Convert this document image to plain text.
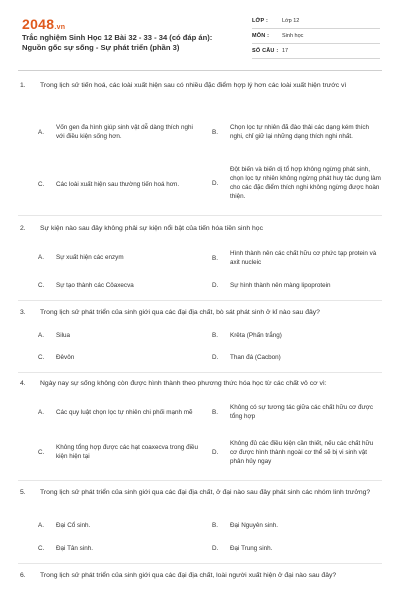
2048.vn
Trắc nghiệm Sinh Học 12 Bài 32 - 33 - 34 (có đáp án): Nguồn gốc sự sống - Sự phát triển (phần 3)
LỚP :	Lớp 12
MÔN :	Sinh học
SỐ CÂU : 17
1.	Trong lịch sử tiến hoá, các loài xuất hiện sau có nhiều đặc điểm hợp lý hơn các loài xuất hiện trước vì
A.
Vốn gen đa hình giúp sinh vật dễ dàng thích nghi với điều kiện sống hơn.
B.
Chọn lọc tự nhiên đã đào thải các dạng kém thích nghi, chỉ giữ lại những dạng thích nghi nhất.
C.	Các loài xuất hiện sau thường tiến hoá hơn.	D.
Đột biến và biến dị tổ hợp không ngừng phát sinh, chọn lọc tự nhiên không ngừng phát huy tác dụng làm cho các đặc điểm thích nghi không ngừng được hoàn thiện.
2.	Sự kiện nào sau đây không phải sự kiện nổi bật của tiến hóa tiền sinh học
A.	Sự xuất hiện các enzym	B.
Hình thành nên các chất hữu cơ phức tạp protein và axit nucleic
C.	Sự tạo thành các Côaxecva	D.	Sự hình thành nên màng lipoprotein
3.	Trong lịch sử phát triển của sinh giới qua các đại địa chất, bò sát phát sinh ở kỉ nào sau đây?
A.	Silua	B.	Krêta (Phấn trắng)
C.	Đêvôn	D.	Than đá (Cacbon)
4.	Ngày nay sự sống không còn được hình thành theo phương thức hóa học từ các chất vô cơ vì:
A.	Các quy luật chọn lọc tự nhiên chi phối mạnh mẽ	B.
Không có sự tương tác giữa các chất hữu cơ được tổng hợp
C.
Không tổng hợp được các hạt coaxecva trong điều kiện hiện tại
D.
Không đủ các điều kiện cần thiết, nếu các chất hữu cơ được hình thành ngoài cơ thể sẽ bị vi sinh vật phân hủy ngay
5.	Trong lịch sử phát triển của sinh giới qua các đại địa chất, ở đại nào sau đây phát sinh các nhóm linh trưởng?
A.	Đại Cổ sinh.	B.	Đại Nguyên sinh.
C.	Đại Tân sinh.	D.	Đại Trung sinh.
6.	Trong lịch sử phát triển của sinh giới qua các đại địa chất, loài người xuất hiện ở đại nào sau đây?
